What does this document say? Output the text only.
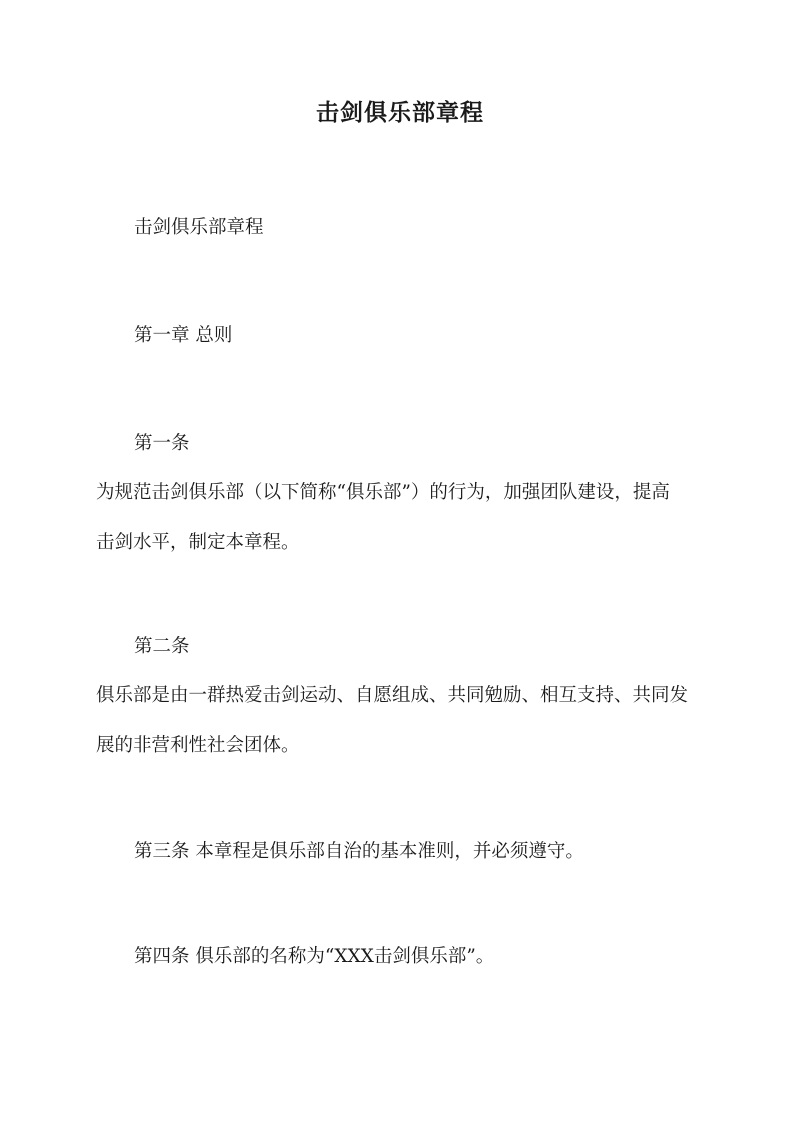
击剑俱乐部章程
击剑俱乐部章程
第一章 总则
第一条
为规范击剑俱乐部（以下简称“俱乐部”）的行为，加强团队建设，提高
击剑水平，制定本章程。
第二条
俱乐部是由一群热爱击剑运动、自愿组成、共同勉励、相互支持、共同发
展的非营利性社会团体。
第三条 本章程是俱乐部自治的基本准则，并必须遵守。
第四条 俱乐部的名称为“XXX击剑俱乐部”。
